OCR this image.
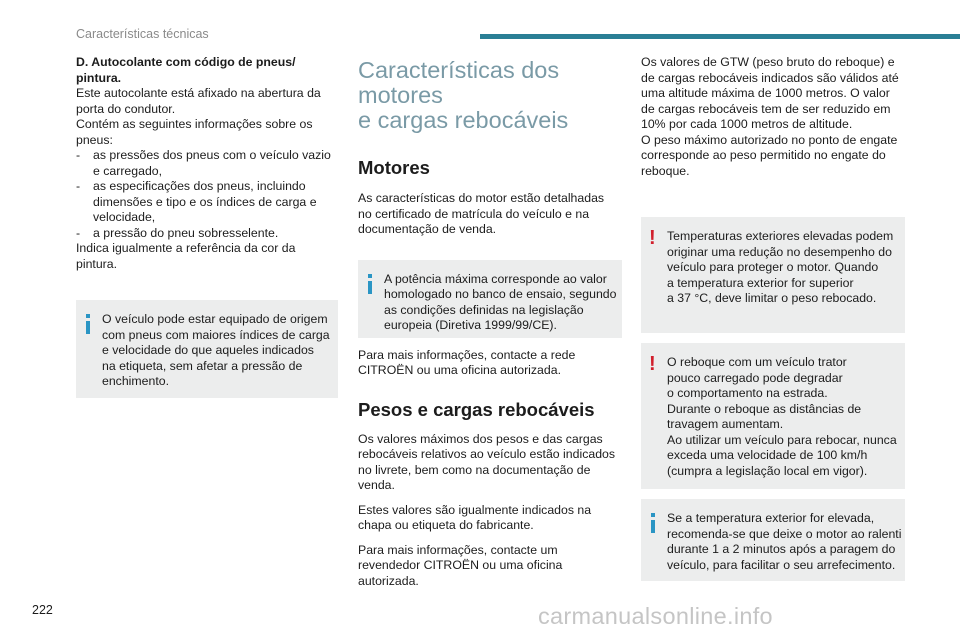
Características técnicas
D. Autocolante com código de pneus/
pintura.
Este autocolante está afixado na abertura da
porta do condutor.
Contém as seguintes informações sobre os
pneus:
- as pressões dos pneus com o veículo vazio
e carregado,
- as especificações dos pneus, incluindo
dimensões e tipo e os índices de carga e
velocidade,
- a pressão do pneu sobresselente.
Indica igualmente a referência da cor da
pintura.
O veículo pode estar equipado de origem
com pneus com maiores índices de carga
e velocidade do que aqueles indicados
na etiqueta, sem afetar a pressão de
enchimento.
Características dos motores
e cargas rebocáveis
Motores
As características do motor estão detalhadas
no certificado de matrícula do veículo e na
documentação de venda.
A potência máxima corresponde ao valor
homologado no banco de ensaio, segundo
as condições definidas na legislação
europeia (Diretiva 1999/99/CE).
Para mais informações, contacte a rede
CITROËN ou uma oficina autorizada.
Pesos e cargas rebocáveis
Os valores máximos dos pesos e das cargas
rebocáveis relativos ao veículo estão indicados
no livrete, bem como na documentação de
venda.
Estes valores são igualmente indicados na
chapa ou etiqueta do fabricante.
Para mais informações, contacte um
revendedor CITROËN ou uma oficina
autorizada.
Os valores de GTW (peso bruto do reboque) e
de cargas rebocáveis indicados são válidos até
uma altitude máxima de 1000 metros. O valor
de cargas rebocáveis tem de ser reduzido em
10% por cada 1000 metros de altitude.
O peso máximo autorizado no ponto de engate
corresponde ao peso permitido no engate do
reboque.
! Temperaturas exteriores elevadas podem
originar uma redução no desempenho do
veículo para proteger o motor. Quando
a temperatura exterior for superior
a 37 °C, deve limitar o peso rebocado.
! O reboque com um veículo trator
pouco carregado pode degradar
o comportamento na estrada.
Durante o reboque as distâncias de
travagem aumentam.
Ao utilizar um veículo para rebocar, nunca
exceda uma velocidade de 100 km/h
(cumpra a legislação local em vigor).
Se a temperatura exterior for elevada,
recomenda-se que deixe o motor ao ralenti
durante 1 a 2 minutos após a paragem do
veículo, para facilitar o seu arrefecimento.
222	carmanualsonline.info
